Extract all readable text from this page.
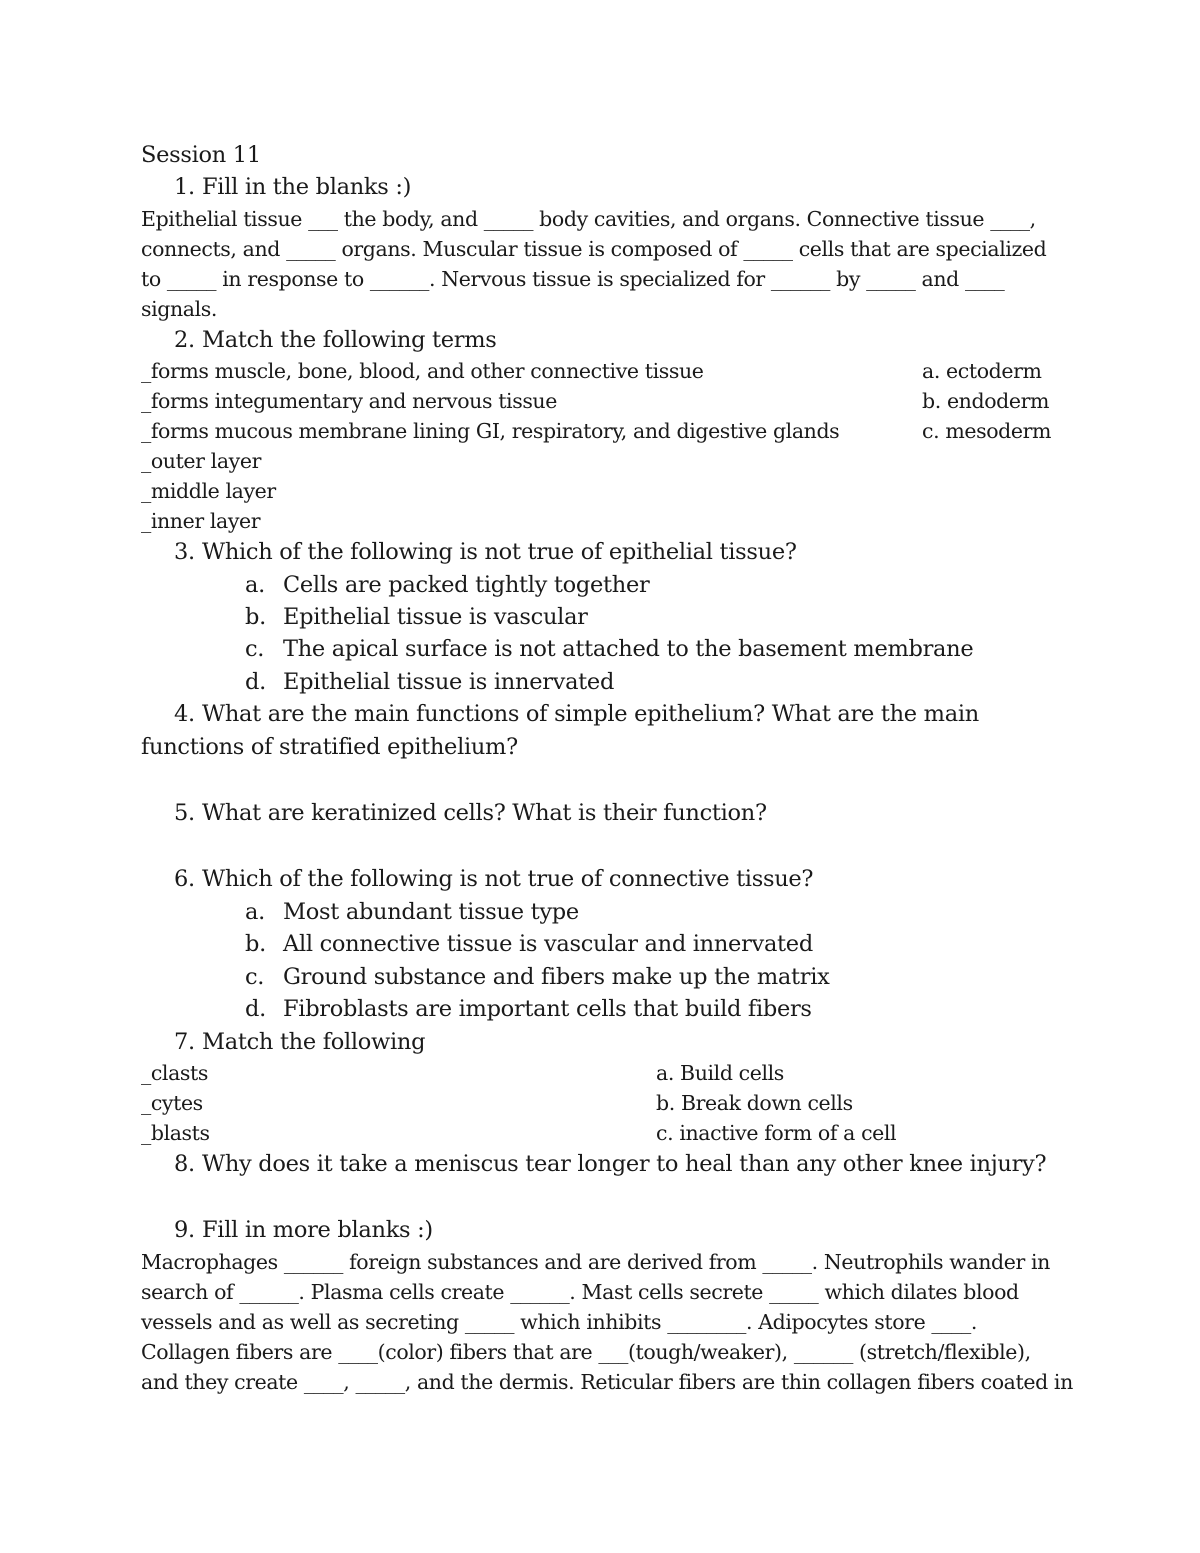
Session 11
1. Fill in the blanks :)
Epithelial tissue ___ the body, and _____ body cavities, and organs. Connective tissue ____,
connects, and _____ organs. Muscular tissue is composed of _____ cells that are specialized
to _____ in response to ______. Nervous tissue is specialized for ______ by _____ and ____
signals.
2. Match the following terms
_forms muscle, bone, blood, and other connective tissue	a. ectoderm
_forms integumentary and nervous tissue	b. endoderm
_forms mucous membrane lining GI, respiratory, and digestive glands	c. mesoderm
_outer layer
_middle layer
_inner layer
3. Which of the following is not true of epithelial tissue?
a. Cells are packed tightly together
b. Epithelial tissue is vascular
c. The apical surface is not attached to the basement membrane
d. Epithelial tissue is innervated
4. What are the main functions of simple epithelium? What are the main
functions of stratified epithelium?
5. What are keratinized cells? What is their function?
6. Which of the following is not true of connective tissue?
a. Most abundant tissue type
b. All connective tissue is vascular and innervated
c. Ground substance and fibers make up the matrix
d. Fibroblasts are important cells that build fibers
7. Match the following
_clasts	a. Build cells
_cytes	b. Break down cells
_blasts	c. inactive form of a cell
8. Why does it take a meniscus tear longer to heal than any other knee injury?
9. Fill in more blanks :)
Macrophages ______ foreign substances and are derived from _____. Neutrophils wander in
search of ______. Plasma cells create ______. Mast cells secrete _____ which dilates blood
vessels and as well as secreting _____ which inhibits ________. Adipocytes store ____.
Collagen fibers are ____(color) fibers that are ___(tough/weaker), ______ (stretch/flexible),
and they create ____, _____, and the dermis. Reticular fibers are thin collagen fibers coated in
